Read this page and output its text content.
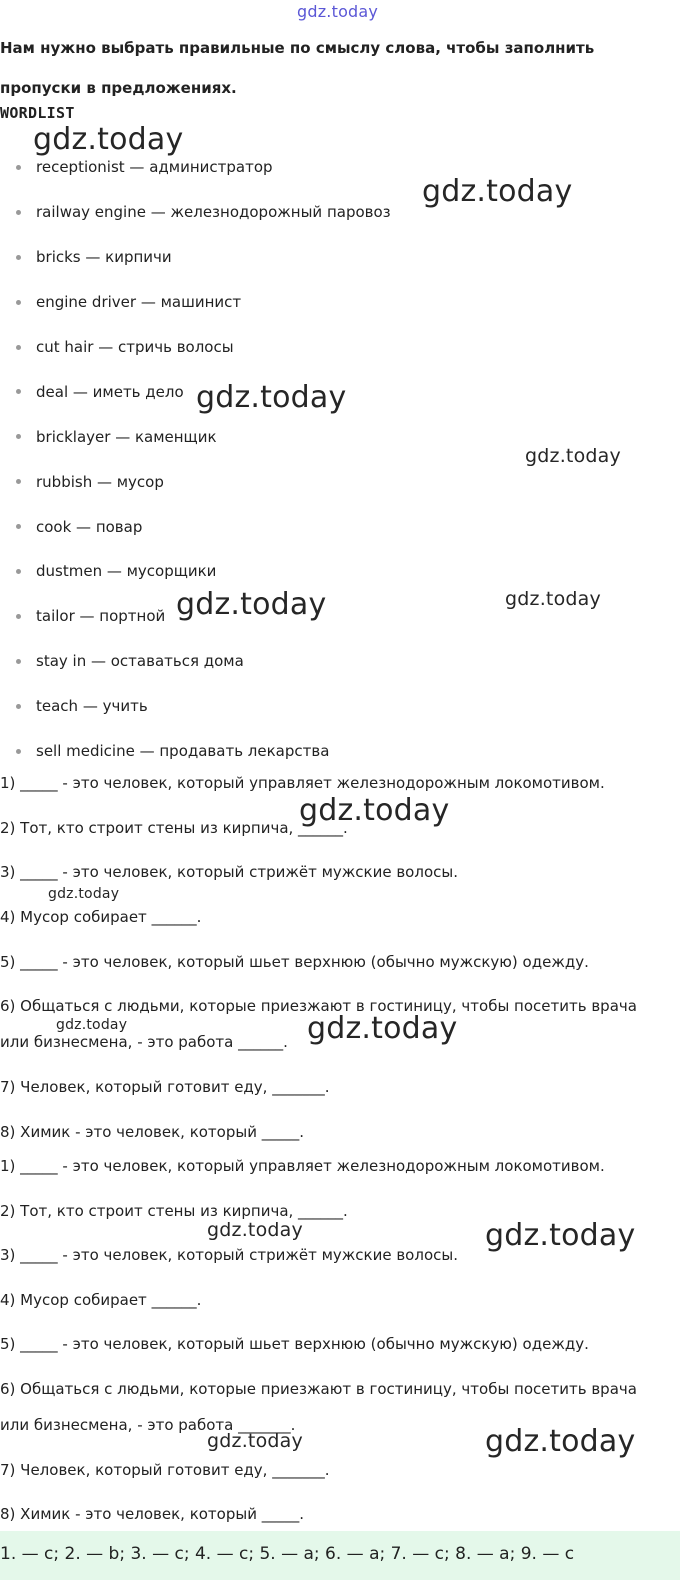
gdz.today
Нам нужно выбрать правильные по смыслу слова, чтобы заполнить пропуски в предложениях.
WORDLIST
receptionist — администратор
railway engine — железнодорожный паровоз
bricks — кирпичи
engine driver — машинист
cut hair — стричь волосы
deal — иметь дело
bricklayer — каменщик
rubbish — мусор
cook — повар
dustmen — мусорщики
tailor — портной
stay in — оставаться дома
teach — учить
sell medicine — продавать лекарства
1) _____ - это человек, который управляет железнодорожным локомотивом.
2) Тот, кто строит стены из кирпича, ______.
3) _____ - это человек, который стрижёт мужские волосы.
4) Мусор собирает ______.
5) _____ - это человек, который шьет верхнюю (обычно мужскую) одежду.
6) Общаться с людьми, которые приезжают в гостиницу, чтобы посетить врача
или бизнесмена, - это работа ______.
7) Человек, который готовит еду, _______.
8) Химик - это человек, который _____.
1) _____ - это человек, который управляет железнодорожным локомотивом.
2) Тот, кто строит стены из кирпича, ______.
3) _____ - это человек, который стрижёт мужские волосы.
4) Мусор собирает ______.
5) _____ - это человек, который шьет верхнюю (обычно мужскую) одежду.
6) Общаться с людьми, которые приезжают в гостиницу, чтобы посетить врача
или бизнесмена, - это работа _______.
7) Человек, который готовит еду, _______.
8) Химик - это человек, который _____.
1. — c; 2. — b; 3. — c; 4. — c; 5. — a; 6. — a; 7. — c; 8. — a; 9. — c
gdz.today
gdz.today
gdz.today
gdz.today
gdz.today	gdz.today
gdz.today
gdz.today
gdz.today	gdz.today
gdz.today	gdz.today
gdz.today	gdz.today
